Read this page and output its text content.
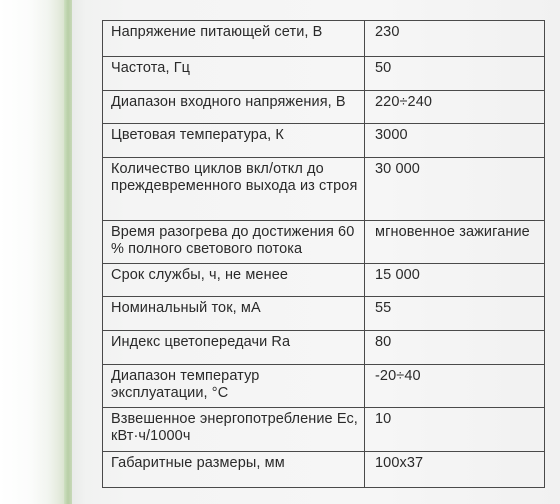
Напряжение питающей сети, В	230
Частота, Гц	50
Диапазон входного напряжения, В	220÷240
Цветовая температура, К	3000
Количество циклов вкл/откл до преждевременного выхода из строя	30 000
Время разогрева до достижения 60 % полного светового потока	мгновенное зажигание
Срок службы, ч, не менее	15 000
Номинальный ток, мА	55
Индекс цветопередачи Ra	80
Диапазон температур эксплуатации, °С	-20÷40
Взвешенное энергопотребление Ес, кВт·ч/1000ч	10
Габаритные размеры, мм	100x37
